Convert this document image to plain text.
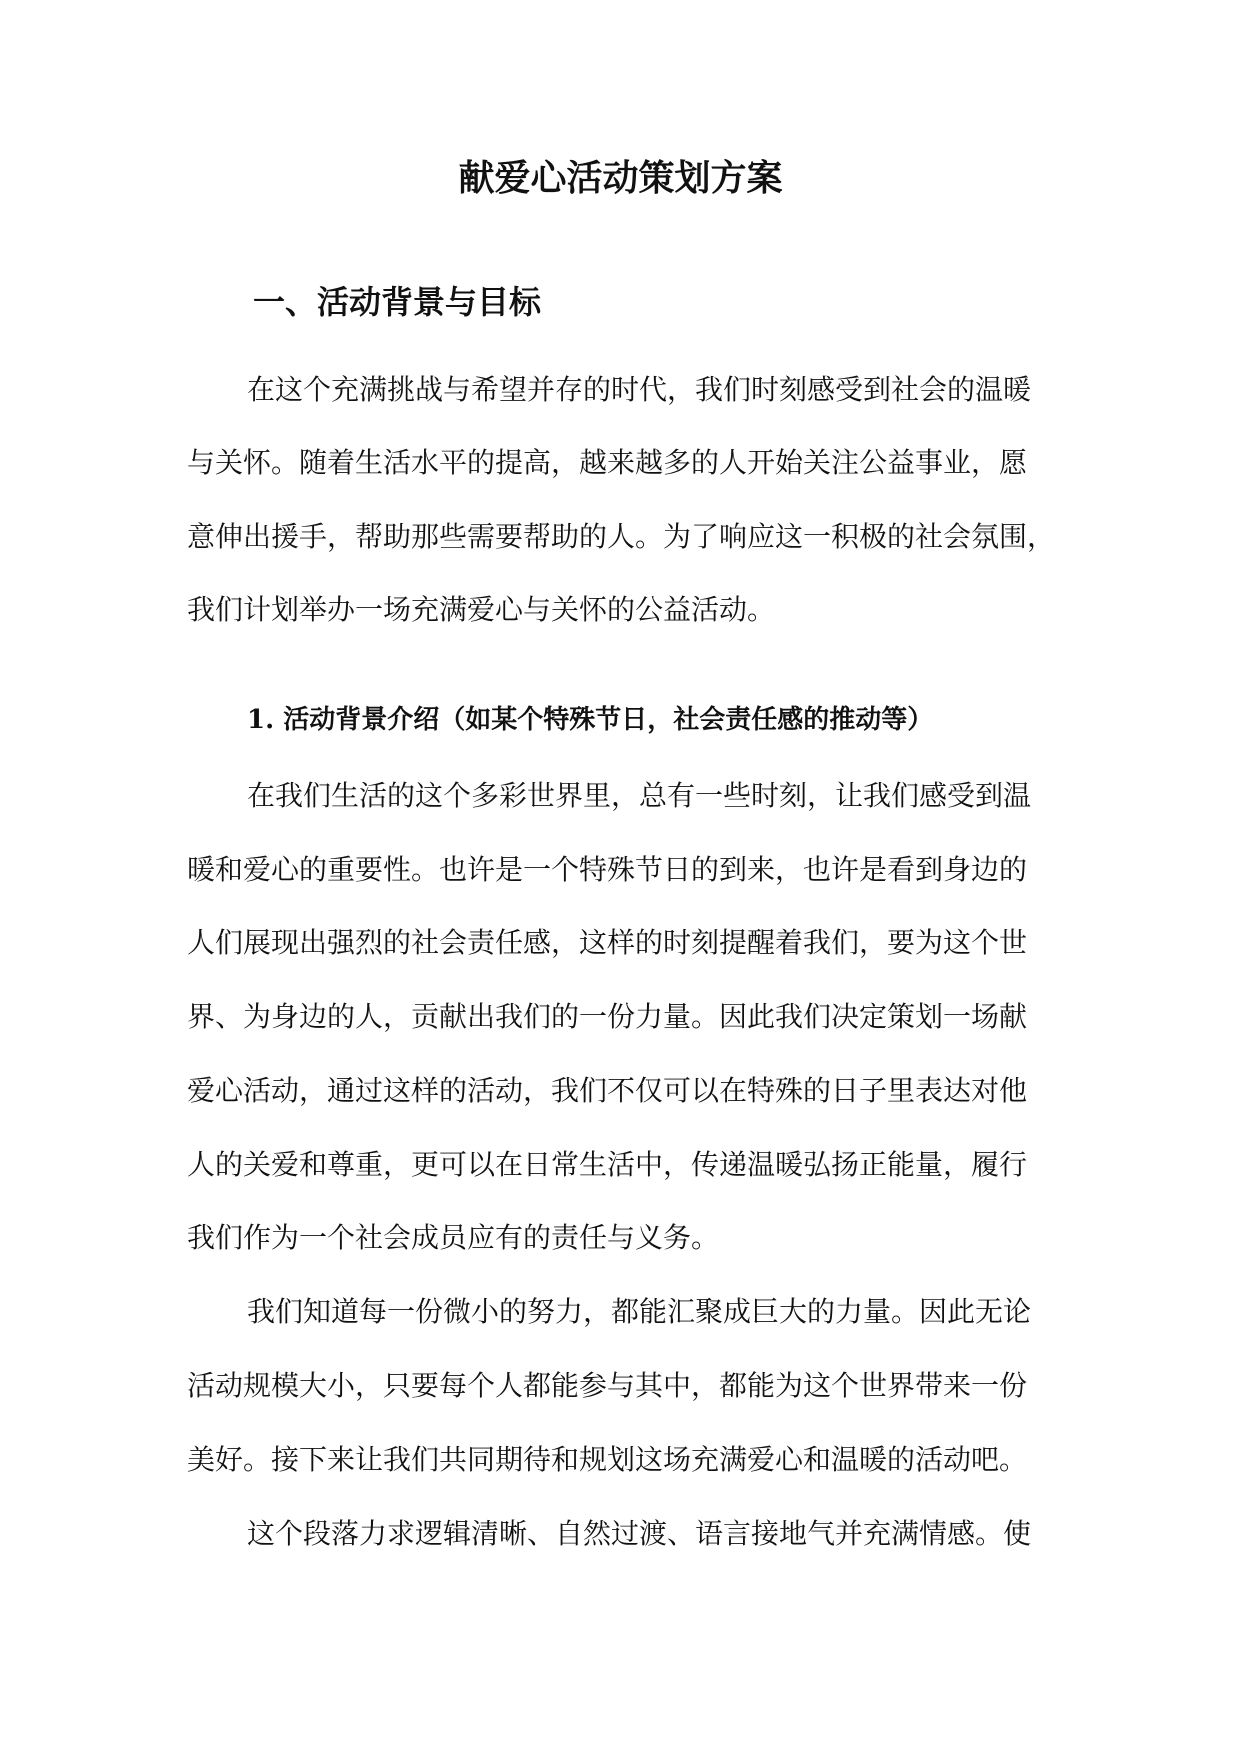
献爱心活动策划方案
一、活动背景与目标

在这个充满挑战与希望并存的时代，我们时刻感受到社会的温暖

与关怀。随着生活水平的提高，越来越多的人开始关注公益事业，愿

意伸出援手，帮助那些需要帮助的人。为了响应这一积极的社会氛围，

我们计划举办一场充满爱心与关怀的公益活动。

1. 活动背景介绍（如某个特殊节日，社会责任感的推动等）

在我们生活的这个多彩世界里，总有一些时刻，让我们感受到温

暖和爱心的重要性。也许是一个特殊节日的到来，也许是看到身边的

人们展现出强烈的社会责任感，这样的时刻提醒着我们，要为这个世

界、为身边的人，贡献出我们的一份力量。因此我们决定策划一场献

爱心活动，通过这样的活动，我们不仅可以在特殊的日子里表达对他

人的关爱和尊重，更可以在日常生活中，传递温暖弘扬正能量，履行

我们作为一个社会成员应有的责任与义务。

我们知道每一份微小的努力，都能汇聚成巨大的力量。因此无论

活动规模大小，只要每个人都能参与其中，都能为这个世界带来一份

美好。接下来让我们共同期待和规划这场充满爱心和温暖的活动吧。

这个段落力求逻辑清晰、自然过渡、语言接地气并充满情感。使
